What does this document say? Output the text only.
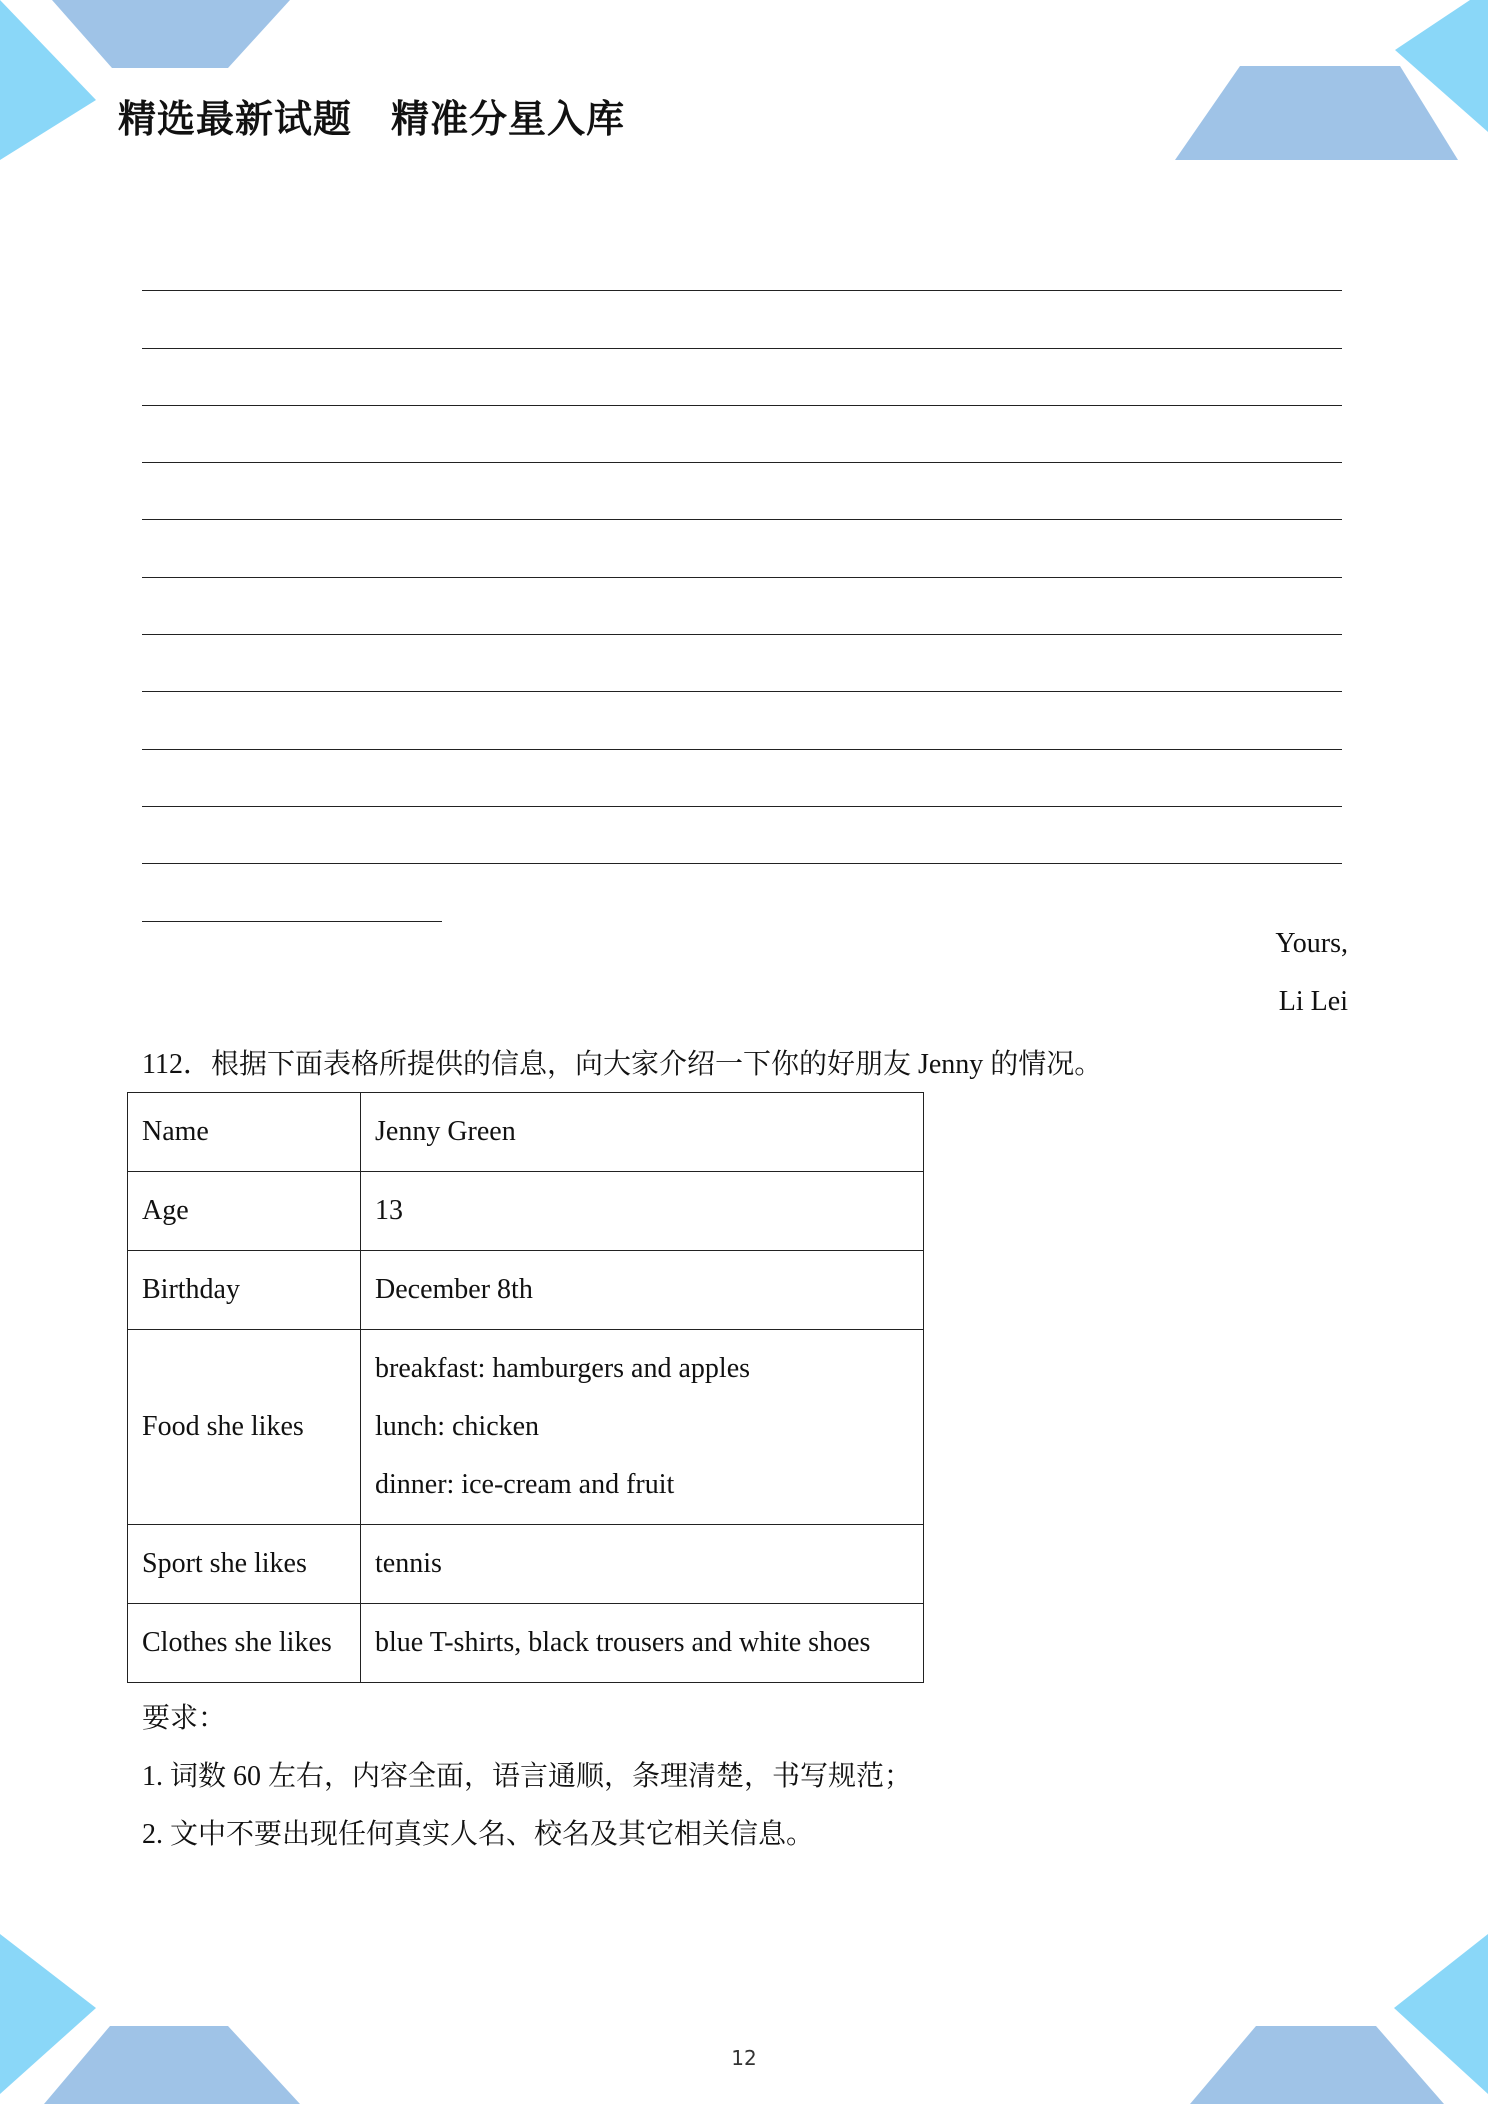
精选最新试题　精准分星入库
Yours,
Li Lei
112．根据下面表格所提供的信息，向大家介绍一下你的好朋友 Jenny 的情况。
Name	Jenny Green
Age	13
Birthday	December 8th
Food she likes	breakfast: hamburgers and apples
lunch: chicken
dinner: ice-cream and fruit

Sport she likes	tennis
Clothes she likes	blue T-shirts, black trousers and white shoes
要求：
1. 词数 60 左右，内容全面，语言通顺，条理清楚，书写规范；
2. 文中不要出现任何真实人名、校名及其它相关信息。
12
